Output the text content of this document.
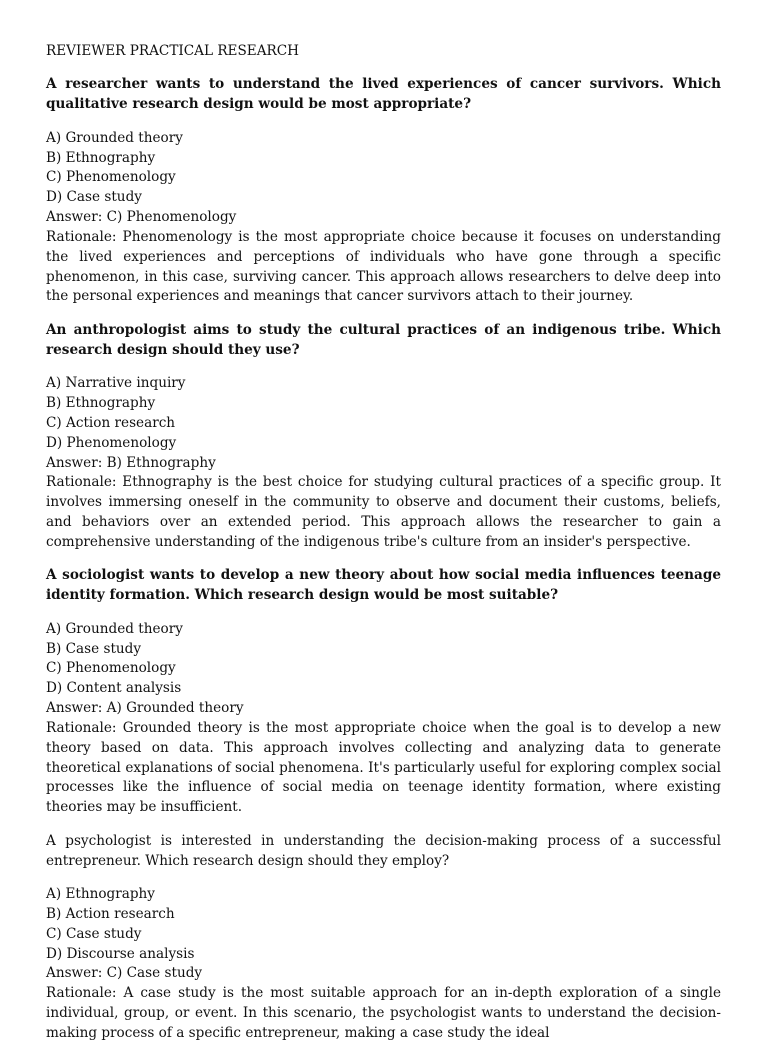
REVIEWER PRACTICAL RESEARCH

A researcher wants to understand the lived experiences of cancer survivors. Which qualitative research design would be most appropriate?

A) Grounded theory

B) Ethnography

C) Phenomenology

D) Case study

Answer: C) Phenomenology

Rationale: Phenomenology is the most appropriate choice because it focuses on understanding the lived experiences and perceptions of individuals who have gone through a specific phenomenon, in this case, surviving cancer. This approach allows researchers to delve deep into the personal experiences and meanings that cancer survivors attach to their journey.

An anthropologist aims to study the cultural practices of an indigenous tribe. Which research design should they use?

A) Narrative inquiry

B) Ethnography

C) Action research

D) Phenomenology

Answer: B) Ethnography

Rationale: Ethnography is the best choice for studying cultural practices of a specific group. It involves immersing oneself in the community to observe and document their customs, beliefs, and behaviors over an extended period. This approach allows the researcher to gain a comprehensive understanding of the indigenous tribe's culture from an insider's perspective.

A sociologist wants to develop a new theory about how social media influences teenage identity formation. Which research design would be most suitable?

A) Grounded theory

B) Case study

C) Phenomenology

D) Content analysis

Answer: A) Grounded theory

Rationale: Grounded theory is the most appropriate choice when the goal is to develop a new theory based on data. This approach involves collecting and analyzing data to generate theoretical explanations of social phenomena. It's particularly useful for exploring complex social processes like the influence of social media on teenage identity formation, where existing theories may be insufficient.

A psychologist is interested in understanding the decision-making process of a successful entrepreneur. Which research design should they employ?

A) Ethnography

B) Action research

C) Case study

D) Discourse analysis

Answer: C) Case study

Rationale: A case study is the most suitable approach for an in-depth exploration of a single individual, group, or event. In this scenario, the psychologist wants to understand the decision-making process of a specific entrepreneur, making a case study the ideal
